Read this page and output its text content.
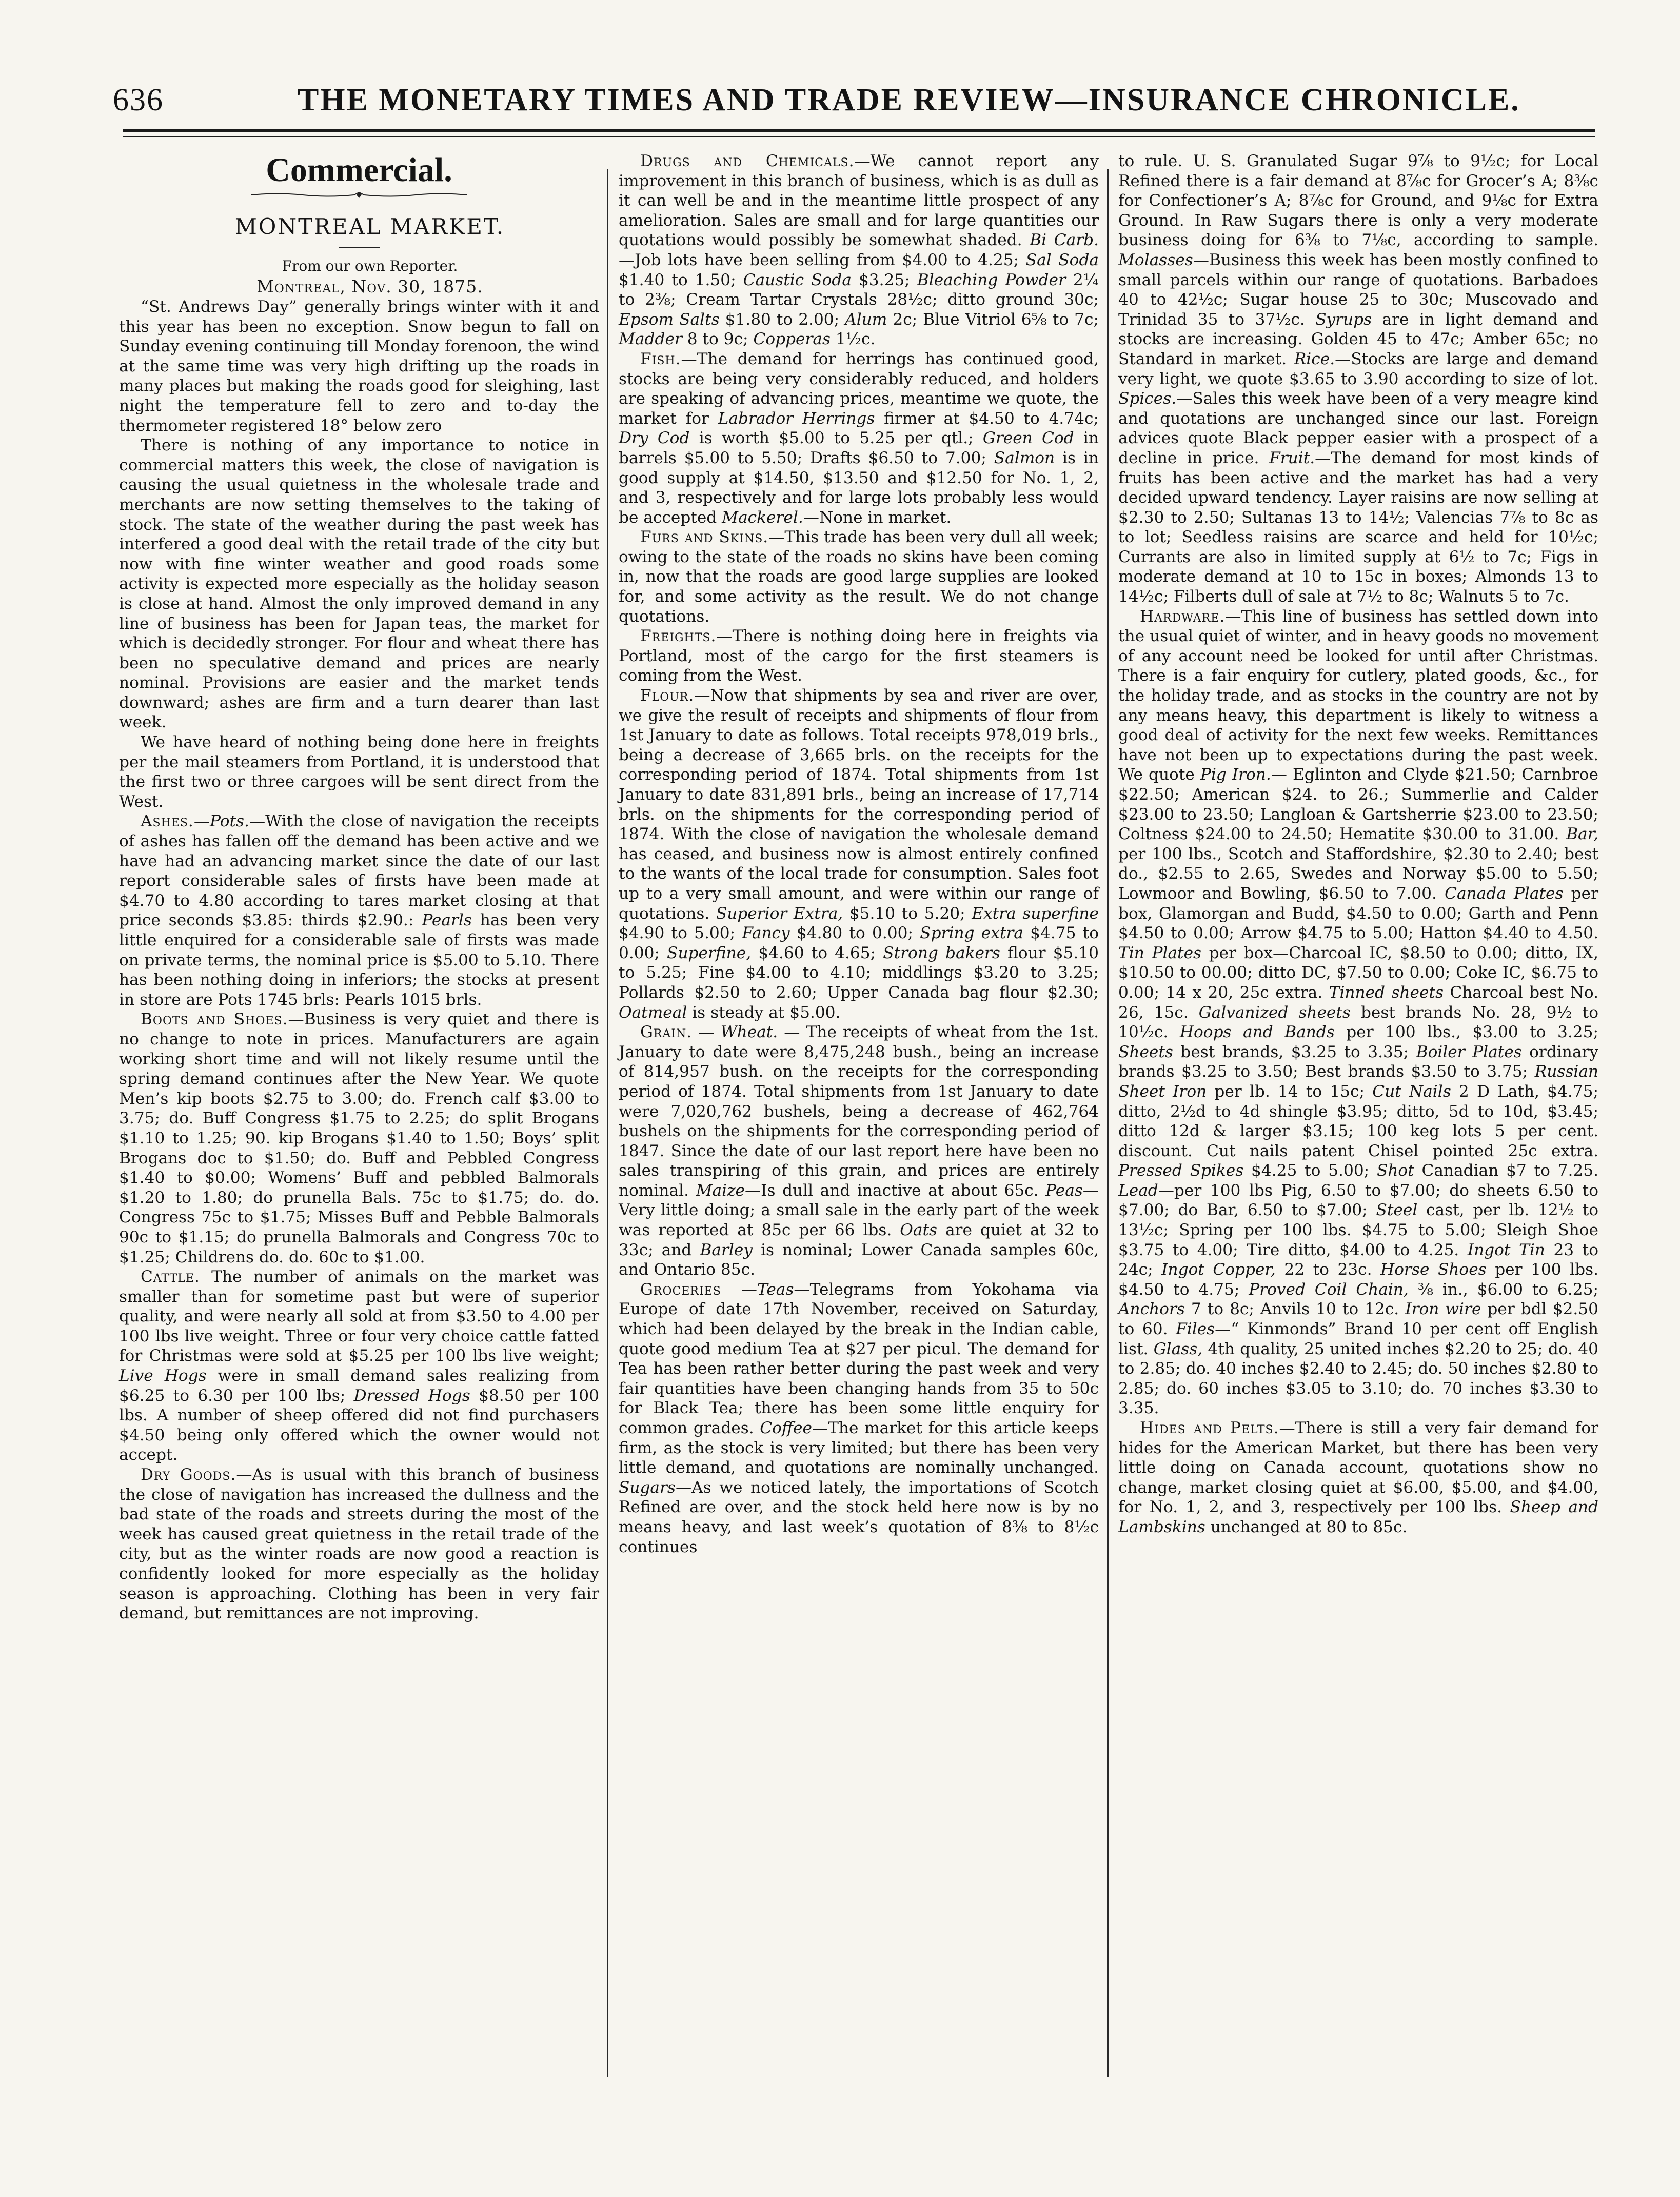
636	THE MONETARY TIMES AND TRADE REVIEW—INSURANCE CHRONICLE.
Commercial.

MONTREAL MARKET.

From our own Reporter.

Montreal, Nov. 30, 1875.

“St. Andrews Day” generally brings winter with it and this year has been no exception. Snow begun to fall on Sunday evening continuing till Monday forenoon, the wind at the same time was very high drifting up the roads in many places but making the roads good for sleighing, last night the temperature fell to zero and to-day the thermometer registered 18° below zero

There is nothing of any importance to notice in commercial matters this week, the close of navigation is causing the usual quietness in the wholesale trade and merchants are now setting themselves to the taking of stock. The state of the weather during the past week has interfered a good deal with the retail trade of the city but now with fine winter weather and good roads some activity is expected more especially as the holiday season is close at hand. Almost the only improved demand in any line of business has been for Japan teas, the market for which is decidedly stronger. For flour and wheat there has been no speculative demand and prices are nearly nominal. Provisions are easier and the market tends downward; ashes are firm and a turn dearer than last week.

We have heard of nothing being done here in freights per the mail steamers from Portland, it is understood that the first two or three cargoes will be sent direct from the West.

Ashes.—Pots.—With the close of navigation the receipts of ashes has fallen off the demand has been active and we have had an advancing market since the date of our last report considerable sales of firsts have been made at $4.70 to 4.80 according to tares market closing at that price seconds $3.85: thirds $2.90.: Pearls has been very little enquired for a considerable sale of firsts was made on private terms, the nominal price is $5.00 to 5.10. There has been nothing doing in inferiors; the stocks at present in store are Pots 1745 brls: Pearls 1015 brls.

Boots and Shoes.—Business is very quiet and there is no change to note in prices. Manufacturers are again working short time and will not likely resume until the spring demand continues after the New Year. We quote Men’s kip boots $2.75 to 3.00; do. French calf $3.00 to 3.75; do. Buff Congress $1.75 to 2.25; do split Brogans $1.10 to 1.25; 90. kip Brogans $1.40 to 1.50; Boys’ split Brogans doc to $1.50; do. Buff and Pebbled Congress $1.40 to $0.00; Womens’ Buff and pebbled Balmorals $1.20 to 1.80; do prunella Bals. 75c to $1.75; do. do. Congress 75c to $1.75; Misses Buff and Pebble Balmorals 90c to $1.15; do prunella Balmorals and Congress 70c to $1.25; Childrens do. do. 60c to $1.00.

Cattle. The number of animals on the market was smaller than for sometime past but were of superior quality, and were nearly all sold at from $3.50 to 4.00 per 100 lbs live weight. Three or four very choice cattle fatted for Christmas were sold at $5.25 per 100 lbs live weight; Live Hogs were in small demand sales realizing from $6.25 to 6.30 per 100 lbs; Dressed Hogs $8.50 per 100 lbs. A number of sheep offered did not find purchasers $4.50 being only offered which the owner would not accept.

Dry Goods.—As is usual with this branch of business the close of navigation has increased the dullness and the bad state of the roads and streets during the most of the week has caused great quietness in the retail trade of the city, but as the winter roads are now good a reaction is confidently looked for more especially as the holiday season is approaching. Clothing has been in very fair demand, but remittances are not improving.

Drugs and Chemicals.—We cannot report any improvement in this branch of business, which is as dull as it can well be and in the meantime little prospect of any amelioration. Sales are small and for large quantities our quotations would possibly be somewhat shaded. Bi Carb. —Job lots have been selling from $4.00 to 4.25; Sal Soda $1.40 to 1.50; Caustic Soda $3.25; Bleaching Powder 2¼ to 2⅜; Cream Tartar Crystals 28½c; ditto ground 30c; Epsom Salts $1.80 to 2.00; Alum 2c; Blue Vitriol 6⅝ to 7c; Madder 8 to 9c; Copperas 1½c.

Fish.—The demand for herrings has continued good, stocks are being very considerably reduced, and holders are speaking of advancing prices, meantime we quote, the market for Labrador Herrings firmer at $4.50 to 4.74c; Dry Cod is worth $5.00 to 5.25 per qtl.; Green Cod in barrels $5.00 to 5.50; Drafts $6.50 to 7.00; Salmon is in good supply at $14.50, $13.50 and $12.50 for No. 1, 2, and 3, respectively and for large lots probably less would be accepted Mackerel.—None in market.

Furs and Skins.—This trade has been very dull all week; owing to the state of the roads no skins have been coming in, now that the roads are good large supplies are looked for, and some activity as the result. We do not change quotations.

Freights.—There is nothing doing here in freights via Portland, most of the cargo for the first steamers is coming from the West.

Flour.—Now that shipments by sea and river are over, we give the result of receipts and shipments of flour from 1st January to date as follows. Total receipts 978,019 brls., being a decrease of 3,665 brls. on the receipts for the corresponding period of 1874. Total shipments from 1st January to date 831,891 brls., being an increase of 17,714 brls. on the shipments for the corresponding period of 1874. With the close of navigation the wholesale demand has ceased, and business now is almost entirely confined to the wants of the local trade for consumption. Sales foot up to a very small amount, and were within our range of quotations. Superior Extra, $5.10 to 5.20; Extra superfine $4.90 to 5.00; Fancy $4.80 to 0.00; Spring extra $4.75 to 0.00; Superfine, $4.60 to 4.65; Strong bakers flour $5.10 to 5.25; Fine $4.00 to 4.10; middlings $3.20 to 3.25; Pollards $2.50 to 2.60; Upper Canada bag flour $2.30; Oatmeal is steady at $5.00.

Grain. — Wheat. — The receipts of wheat from the 1st. January to date were 8,475,248 bush., being an increase of 814,957 bush. on the receipts for the corresponding period of 1874. Total shipments from 1st January to date were 7,020,762 bushels, being a decrease of 462,764 bushels on the shipments for the corresponding period of 1847. Since the date of our last report here have been no sales transpiring of this grain, and prices are entirely nominal. Maize—Is dull and inactive at about 65c. Peas—Very little doing; a small sale in the early part of the week was reported at 85c per 66 lbs. Oats are quiet at 32 to 33c; and Barley is nominal; Lower Canada samples 60c, and Ontario 85c.

Groceries —Teas—Telegrams from Yokohama via Europe of date 17th November, received on Saturday, which had been delayed by the break in the Indian cable, quote good medium Tea at $27 per picul. The demand for Tea has been rather better during the past week and very fair quantities have been changing hands from 35 to 50c for Black Tea; there has been some little enquiry for common grades. Coffee—The market for this article keeps firm, as the stock is very limited; but there has been very little demand, and quotations are nominally unchanged. Sugars—As we noticed lately, the importations of Scotch Refined are over, and the stock held here now is by no means heavy, and last week’s quotation of 8⅜ to 8½c continues

to rule. U. S. Granulated Sugar 9⅞ to 9½c; for Local Refined there is a fair demand at 8⅞c for Grocer’s A; 8⅜c for Confectioner’s A; 8⅞c for Ground, and 9⅛c for Extra Ground. In Raw Sugars there is only a very moderate business doing for 6⅜ to 7⅛c, according to sample. Molasses—Business this week has been mostly confined to small parcels within our range of quotations. Barbadoes 40 to 42½c; Sugar house 25 to 30c; Muscovado and Trinidad 35 to 37½c. Syrups are in light demand and stocks are increasing. Golden 45 to 47c; Amber 65c; no Standard in market. Rice.—Stocks are large and demand very light, we quote $3.65 to 3.90 according to size of lot. Spices.—Sales this week have been of a very meagre kind and quotations are unchanged since our last. Foreign advices quote Black pepper easier with a prospect of a decline in price. Fruit.—The demand for most kinds of fruits has been active and the market has had a very decided upward tendency. Layer raisins are now selling at $2.30 to 2.50; Sultanas 13 to 14½; Valencias 7⅞ to 8c as to lot; Seedless raisins are scarce and held for 10½c; Currants are also in limited supply at 6½ to 7c; Figs in moderate demand at 10 to 15c in boxes; Almonds 13 to 14½c; Filberts dull of sale at 7½ to 8c; Walnuts 5 to 7c.

Hardware.—This line of business has settled down into the usual quiet of winter, and in heavy goods no movement of any account need be looked for until after Christmas. There is a fair enquiry for cutlery, plated goods, &c., for the holiday trade, and as stocks in the country are not by any means heavy, this department is likely to witness a good deal of activity for the next few weeks. Remittances have not been up to expectations during the past week. We quote Pig Iron.— Eglinton and Clyde $21.50; Carnbroe $22.50; American $24. to 26.; Summerlie and Calder $23.00 to 23.50; Langloan & Gartsherrie $23.00 to 23.50; Coltness $24.00 to 24.50; Hematite $30.00 to 31.00. Bar, per 100 lbs., Scotch and Staffordshire, $2.30 to 2.40; best do., $2.55 to 2.65, Swedes and Norway $5.00 to 5.50; Lowmoor and Bowling, $6.50 to 7.00. Canada Plates per box, Glamorgan and Budd, $4.50 to 0.00; Garth and Penn $4.50 to 0.00; Arrow $4.75 to 5.00; Hatton $4.40 to 4.50. Tin Plates per box—Charcoal IC, $8.50 to 0.00; ditto, IX, $10.50 to 00.00; ditto DC, $7.50 to 0.00; Coke IC, $6.75 to 0.00; 14 x 20, 25c extra. Tinned sheets Charcoal best No. 26, 15c. Galvanized sheets best brands No. 28, 9½ to 10½c. Hoops and Bands per 100 lbs., $3.00 to 3.25; Sheets best brands, $3.25 to 3.35; Boiler Plates ordinary brands $3.25 to 3.50; Best brands $3.50 to 3.75; Russian Sheet Iron per lb. 14 to 15c; Cut Nails 2 D Lath, $4.75; ditto, 2½d to 4d shingle $3.95; ditto, 5d to 10d, $3.45; ditto 12d & larger $3.15; 100 keg lots 5 per cent. discount. Cut nails patent Chisel pointed 25c extra. Pressed Spikes $4.25 to 5.00; Shot Canadian $7 to 7.25. Lead—per 100 lbs Pig, 6.50 to $7.00; do sheets 6.50 to $7.00; do Bar, 6.50 to $7.00; Steel cast, per lb. 12½ to 13½c; Spring per 100 lbs. $4.75 to 5.00; Sleigh Shoe $3.75 to 4.00; Tire ditto, $4.00 to 4.25. Ingot Tin 23 to 24c; Ingot Copper, 22 to 23c. Horse Shoes per 100 lbs. $4.50 to 4.75; Proved Coil Chain, ⅜ in., $6.00 to 6.25; Anchors 7 to 8c; Anvils 10 to 12c. Iron wire per bdl $2.50 to 60. Files—“ Kinmonds” Brand 10 per cent off English list. Glass, 4th quality, 25 united inches $2.20 to 25; do. 40 to 2.85; do. 40 inches $2.40 to 2.45; do. 50 inches $2.80 to 2.85; do. 60 inches $3.05 to 3.10; do. 70 inches $3.30 to 3.35.

Hides and Pelts.—There is still a very fair demand for hides for the American Market, but there has been very little doing on Canada account, quotations show no change, market closing quiet at $6.00, $5.00, and $4.00, for No. 1, 2, and 3, respectively per 100 lbs. Sheep and Lambskins unchanged at 80 to 85c.
